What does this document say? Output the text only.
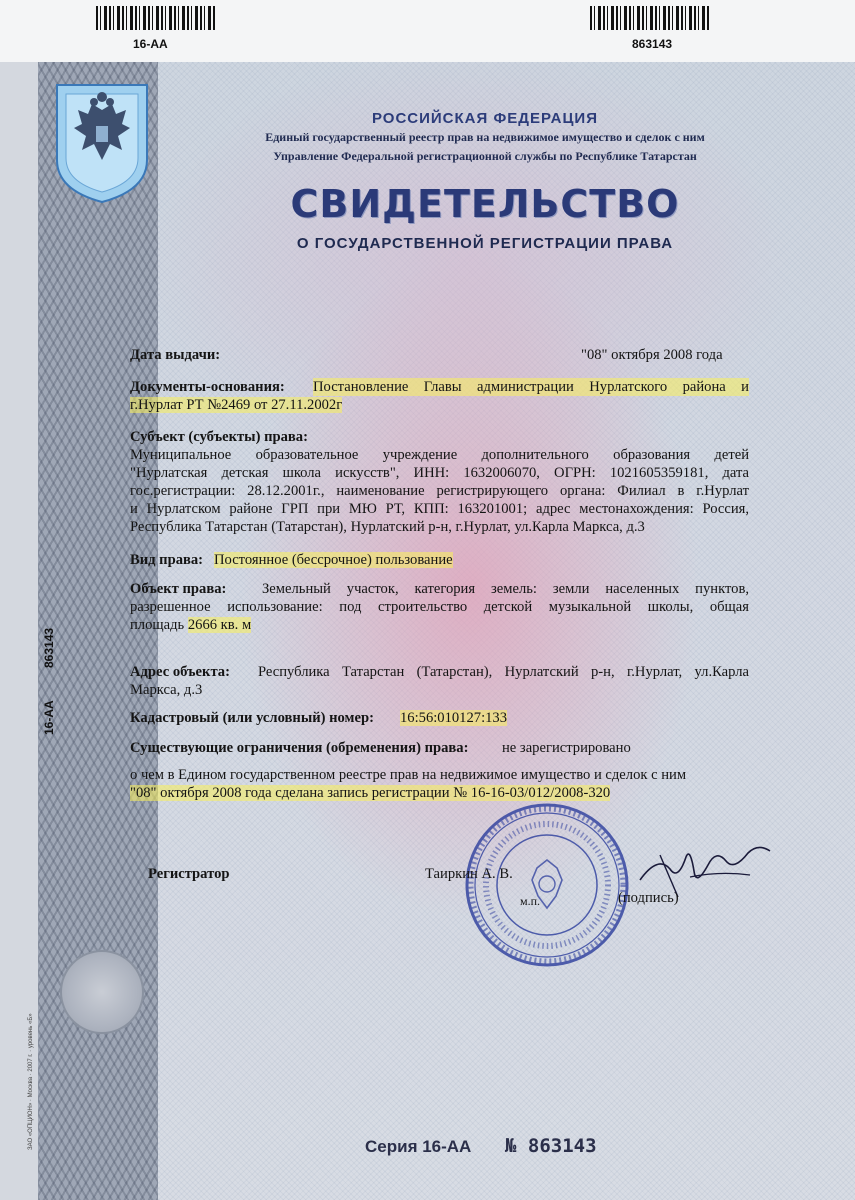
16-АА	863143
16-АА
863143
РОССИЙСКАЯ ФЕДЕРАЦИЯ
Единый государственный реестр прав на недвижимое имущество и сделок с ним
Управление Федеральной регистрационной службы по Республике Татарстан
СВИДЕТЕЛЬСТВО
О ГОСУДАРСТВЕННОЙ РЕГИСТРАЦИИ ПРАВА
Дата выдачи:	"08" октября 2008 года
Документы-основания: Постановление Главы администрации Нурлатского района и
г.Нурлат РТ №2469 от 27.11.2002г
Субъект (субъекты) права:
Муниципальное образовательное учреждение дополнительного образования детей
"Нурлатская детская школа искусств", ИНН: 1632006070, ОГРН: 1021605359181, дата
гос.регистрации: 28.12.2001г., наименование регистрирующего органа: Филиал в г.Нурлат
и Нурлатском районе ГРП при МЮ РТ, КПП: 163201001; адрес местонахождения: Россия,
Республика Татарстан (Татарстан), Нурлатский р-н, г.Нурлат, ул.Карла Маркса, д.3
Вид права: Постоянное (бессрочное) пользование
Объект права: Земельный участок, категория земель: земли населенных пунктов,
разрешенное использование: под строительство детской музыкальной школы, общая
площадь 2666 кв. м
Адрес объекта: Республика Татарстан (Татарстан), Нурлатский р-н, г.Нурлат, ул.Карла
Маркса, д.3
Кадастровый (или условный) номер: 16:56:010127:133
Существующие ограничения (обременения) права: не зарегистрировано
о чем в Едином государственном реестре прав на недвижимое имущество и сделок с ним
"08" октября 2008 года сделана запись регистрации № 16-16-03/012/2008-320
Регистратор	Таиркин А. В.
м.п.	(подпись)
Серия 16-АА № 863143
ЗАО «ОПЦИОН» · Москва · 2007 г. · уровень «Б»
